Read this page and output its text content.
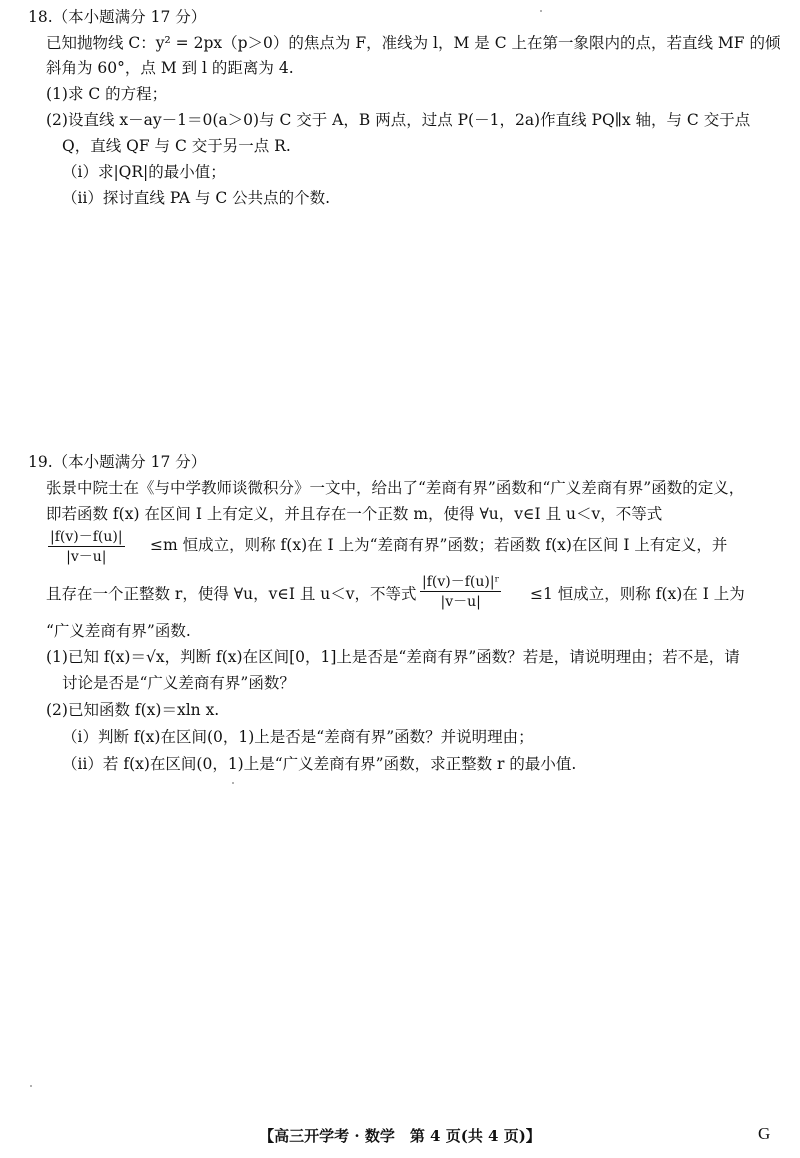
18.（本小题满分 17 分）
已知抛物线 C：y² = 2px（p＞0）的焦点为 F，准线为 l，M 是 C 上在第一象限内的点，若直线 MF 的倾
斜角为 60°，点 M 到 l 的距离为 4.
(1)求 C 的方程；
(2)设直线 x－ay－1＝0(a＞0)与 C 交于 A，B 两点，过点 P(－1，2a)作直线 PQ∥x 轴，与 C 交于点
Q，直线 QF 与 C 交于另一点 R.
（ⅰ）求|QR|的最小值；
（ⅱ）探讨直线 PA 与 C 公共点的个数.
19.（本小题满分 17 分）
张景中院士在《与中学教师谈微积分》一文中，给出了“差商有界”函数和“广义差商有界”函数的定义，
即若函数 f(x) 在区间 I 上有定义，并且存在一个正数 m，使得 ∀u，v∈I 且 u＜v，不等式
$\frac{|f(v)-f(u)|}{|v-u|} \le m$ 恒成立，则称 f(x)在 I 上为“差商有界”函数；若函数 f(x)在区间 I 上有定义，并
且存在一个正整数 r，使得 ∀u，v∈I 且 u＜v，不等式 $\frac{\text{|f(v)－f(u)|ʳ}}{|v-u|} \le 1$ 恒成立，则称 f(x)在 I 上为
“广义差商有界”函数.
(1)已知 f(x)＝√x，判断 f(x)在区间[0，1]上是否是“差商有界”函数？若是，请说明理由；若不是，请
讨论是否是“广义差商有界”函数？
(2)已知函数 f(x)＝xln x.
（ⅰ）判断 f(x)在区间(0，1)上是否是“差商有界”函数？并说明理由；
（ⅱ）若 f(x)在区间(0，1)上是“广义差商有界”函数，求正整数 r 的最小值.
【高三开学考 · 数学　第 4 页(共 4 页)】	G
